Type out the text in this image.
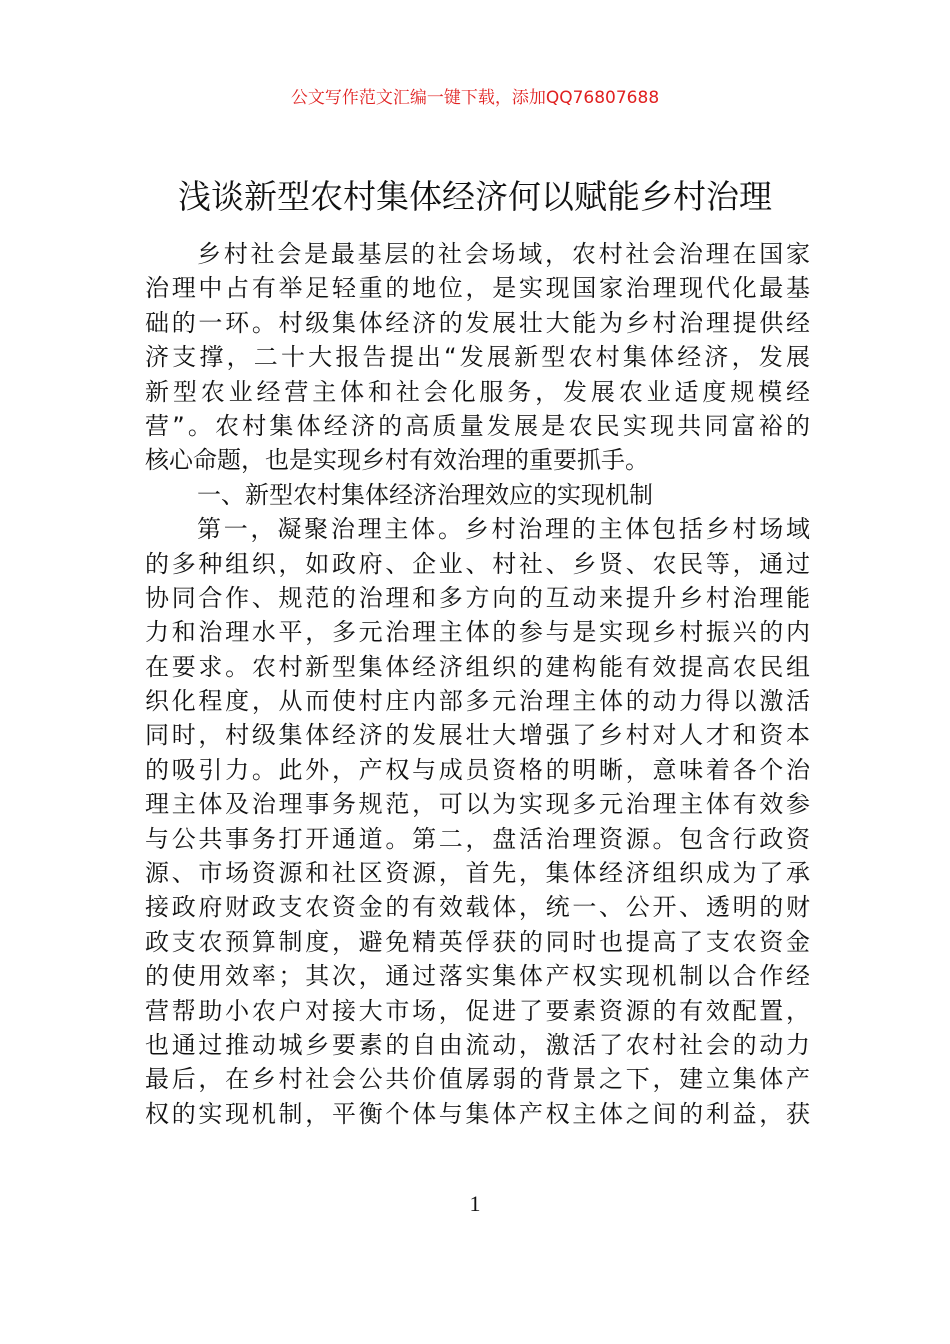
公文写作范文汇编一键下载，添加QQ76807688
浅谈新型农村集体经济何以赋能乡村治理
乡村社会是最基层的社会场域，农村社会治理在国家
治理中占有举足轻重的地位，是实现国家治理现代化最基
础的一环。村级集体经济的发展壮大能为乡村治理提供经
济支撑，二十大报告提出“发展新型农村集体经济，发展
新型农业经营主体和社会化服务，发展农业适度规模经
营”。农村集体经济的高质量发展是农民实现共同富裕的
核心命题，也是实现乡村有效治理的重要抓手。
一、新型农村集体经济治理效应的实现机制
第一，凝聚治理主体。乡村治理的主体包括乡村场域
的多种组织，如政府、企业、村社、乡贤、农民等，通过
协同合作、规范的治理和多方向的互动来提升乡村治理能
力和治理水平，多元治理主体的参与是实现乡村振兴的内
在要求。农村新型集体经济组织的建构能有效提高农民组
织化程度，从而使村庄内部多元治理主体的动力得以激活
同时，村级集体经济的发展壮大增强了乡村对人才和资本
的吸引力。此外，产权与成员资格的明晰，意味着各个治
理主体及治理事务规范，可以为实现多元治理主体有效参
与公共事务打开通道。第二，盘活治理资源。包含行政资
源、市场资源和社区资源，首先，集体经济组织成为了承
接政府财政支农资金的有效载体，统一、公开、透明的财
政支农预算制度，避免精英俘获的同时也提高了支农资金
的使用效率；其次，通过落实集体产权实现机制以合作经
营帮助小农户对接大市场，促进了要素资源的有效配置，
也通过推动城乡要素的自由流动，激活了农村社会的动力
最后，在乡村社会公共价值孱弱的背景之下，建立集体产
权的实现机制，平衡个体与集体产权主体之间的利益，获
1
